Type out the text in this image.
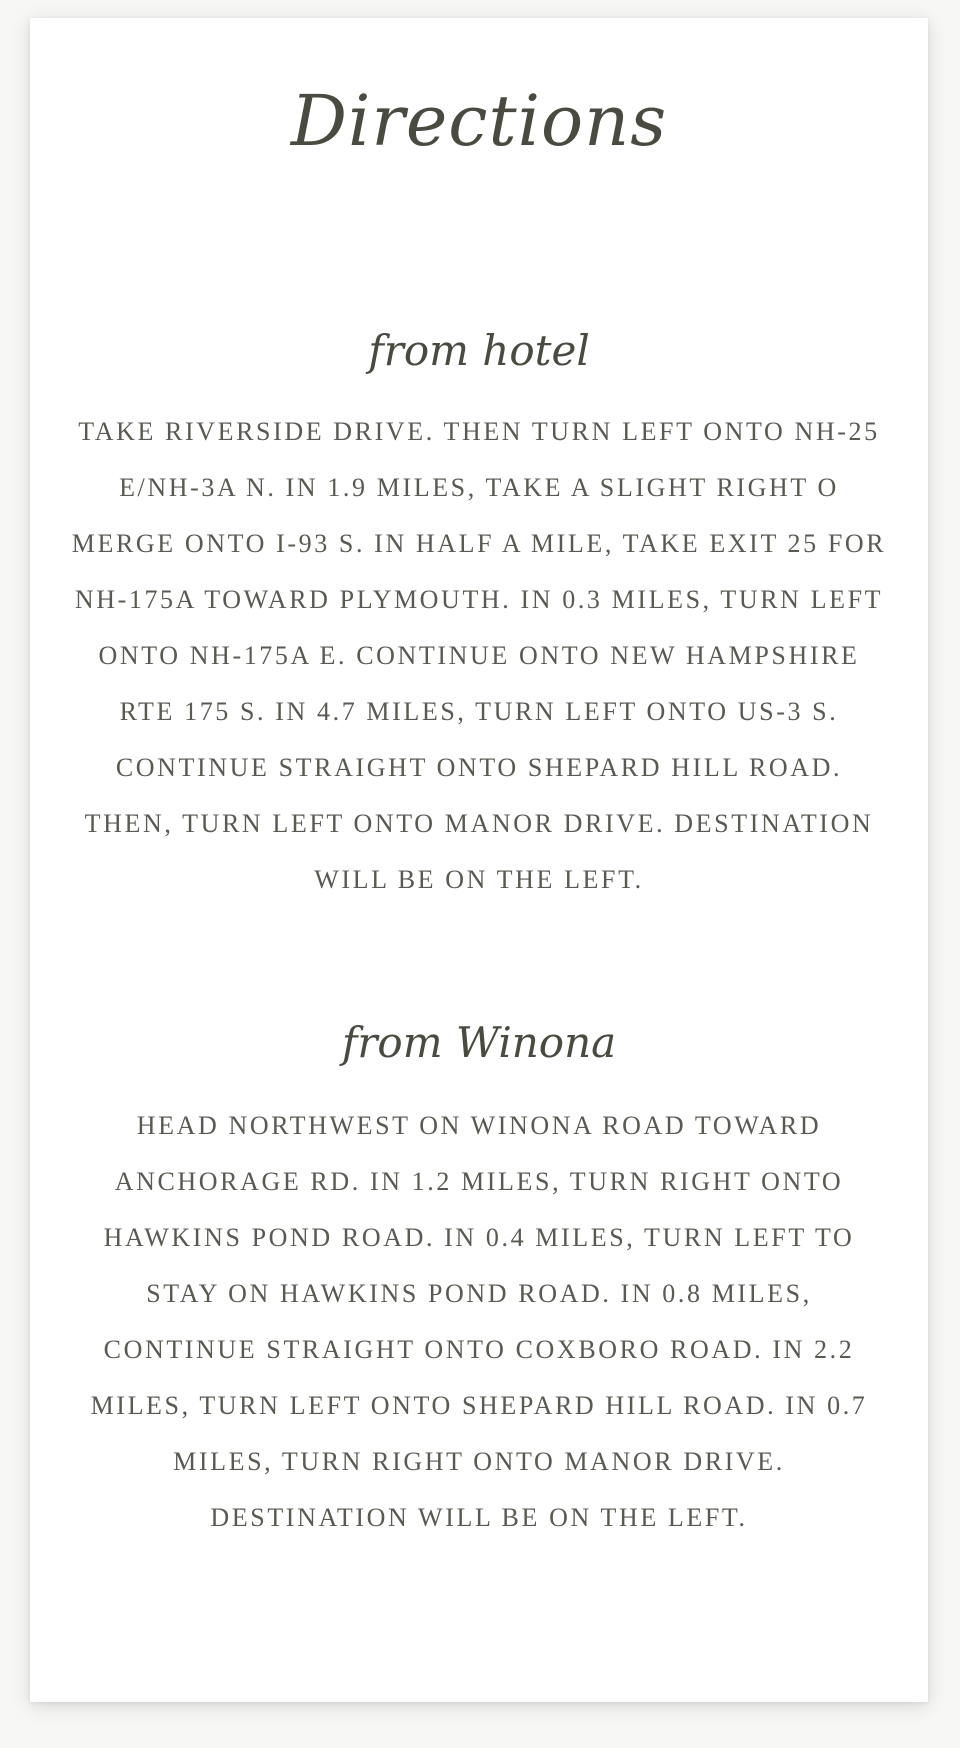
Directions
from hotel

TAKE RIVERSIDE DRIVE. THEN TURN LEFT ONTO NH-25 E/NH-3A N. IN 1.9 MILES, TAKE A SLIGHT RIGHT O MERGE ONTO I-93 S. IN HALF A MILE, TAKE EXIT 25 FOR NH-175A TOWARD PLYMOUTH. IN 0.3 MILES, TURN LEFT ONTO NH-175A E. CONTINUE ONTO NEW HAMPSHIRE RTE 175 S. IN 4.7 MILES, TURN LEFT ONTO US-3 S. CONTINUE STRAIGHT ONTO SHEPARD HILL ROAD. THEN, TURN LEFT ONTO MANOR DRIVE. DESTINATION WILL BE ON THE LEFT.

from Winona

HEAD NORTHWEST ON WINONA ROAD TOWARD ANCHORAGE RD. IN 1.2 MILES, TURN RIGHT ONTO HAWKINS POND ROAD. IN 0.4 MILES, TURN LEFT TO STAY ON HAWKINS POND ROAD. IN 0.8 MILES, CONTINUE STRAIGHT ONTO COXBORO ROAD. IN 2.2 MILES, TURN LEFT ONTO SHEPARD HILL ROAD. IN 0.7 MILES, TURN RIGHT ONTO MANOR DRIVE. DESTINATION WILL BE ON THE LEFT.
